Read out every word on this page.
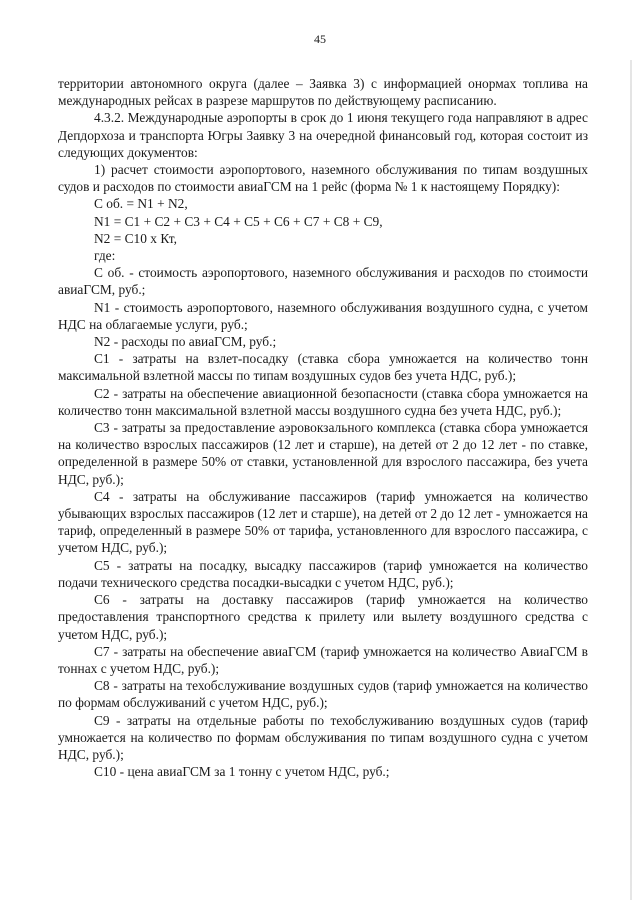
45

территории автономного округа (далее – Заявка 3) с информацией онормах топлива на международных рейсах в разрезе маршрутов по действующему расписанию.

4.3.2. Международные аэропорты в срок до 1 июня текущего года направляют в адрес Депдорхоза и транспорта Югры Заявку 3 на очередной финансовый год, которая состоит из следующих документов:

1) расчет стоимости аэропортового, наземного обслуживания по типам воздушных судов и расходов по стоимости авиаГСМ на 1 рейс (форма № 1 к настоящему Порядку):

С об. = N1 + N2,

N1 = С1 + С2 + С3 + С4 + С5 + С6 + С7 + С8 + С9,

N2 = С10 х Кт,

где:

С об. - стоимость аэропортового, наземного обслуживания и расходов по стоимости авиаГСМ, руб.;

N1 - стоимость аэропортового, наземного обслуживания воздушного судна, с учетом НДС на облагаемые услуги, руб.;

N2 - расходы по авиаГСМ, руб.;

С1 - затраты на взлет-посадку (ставка сбора умножается на количество тонн максимальной взлетной массы по типам воздушных судов без учета НДС, руб.);

С2 - затраты на обеспечение авиационной безопасности (ставка сбора умножается на количество тонн максимальной взлетной массы воздушного судна без учета НДС, руб.);

С3 - затраты за предоставление аэровокзального комплекса (ставка сбора умножается на количество взрослых пассажиров (12 лет и старше), на детей от 2 до 12 лет - по ставке, определенной в размере 50% от ставки, установленной для взрослого пассажира, без учета НДС, руб.);

С4 - затраты на обслуживание пассажиров (тариф умножается на количество убывающих взрослых пассажиров (12 лет и старше), на детей от 2 до 12 лет - умножается на тариф, определенный в размере 50% от тарифа, установленного для взрослого пассажира, с учетом НДС, руб.);

С5 - затраты на посадку, высадку пассажиров (тариф умножается на количество подачи технического средства посадки-высадки с учетом НДС, руб.);

С6 - затраты на доставку пассажиров (тариф умножается на количество предоставления транспортного средства к прилету или вылету воздушного средства с учетом НДС, руб.);

С7 - затраты на обеспечение авиаГСМ (тариф умножается на количество АвиаГСМ в тоннах с учетом НДС, руб.);

С8 - затраты на техобслуживание воздушных судов (тариф умножается на количество по формам обслуживаний с учетом НДС, руб.);

С9 - затраты на отдельные работы по техобслуживанию воздушных судов (тариф умножается на количество по формам обслуживания по типам воздушного судна с учетом НДС, руб.);

С10 - цена авиаГСМ за 1 тонну с учетом НДС, руб.;
